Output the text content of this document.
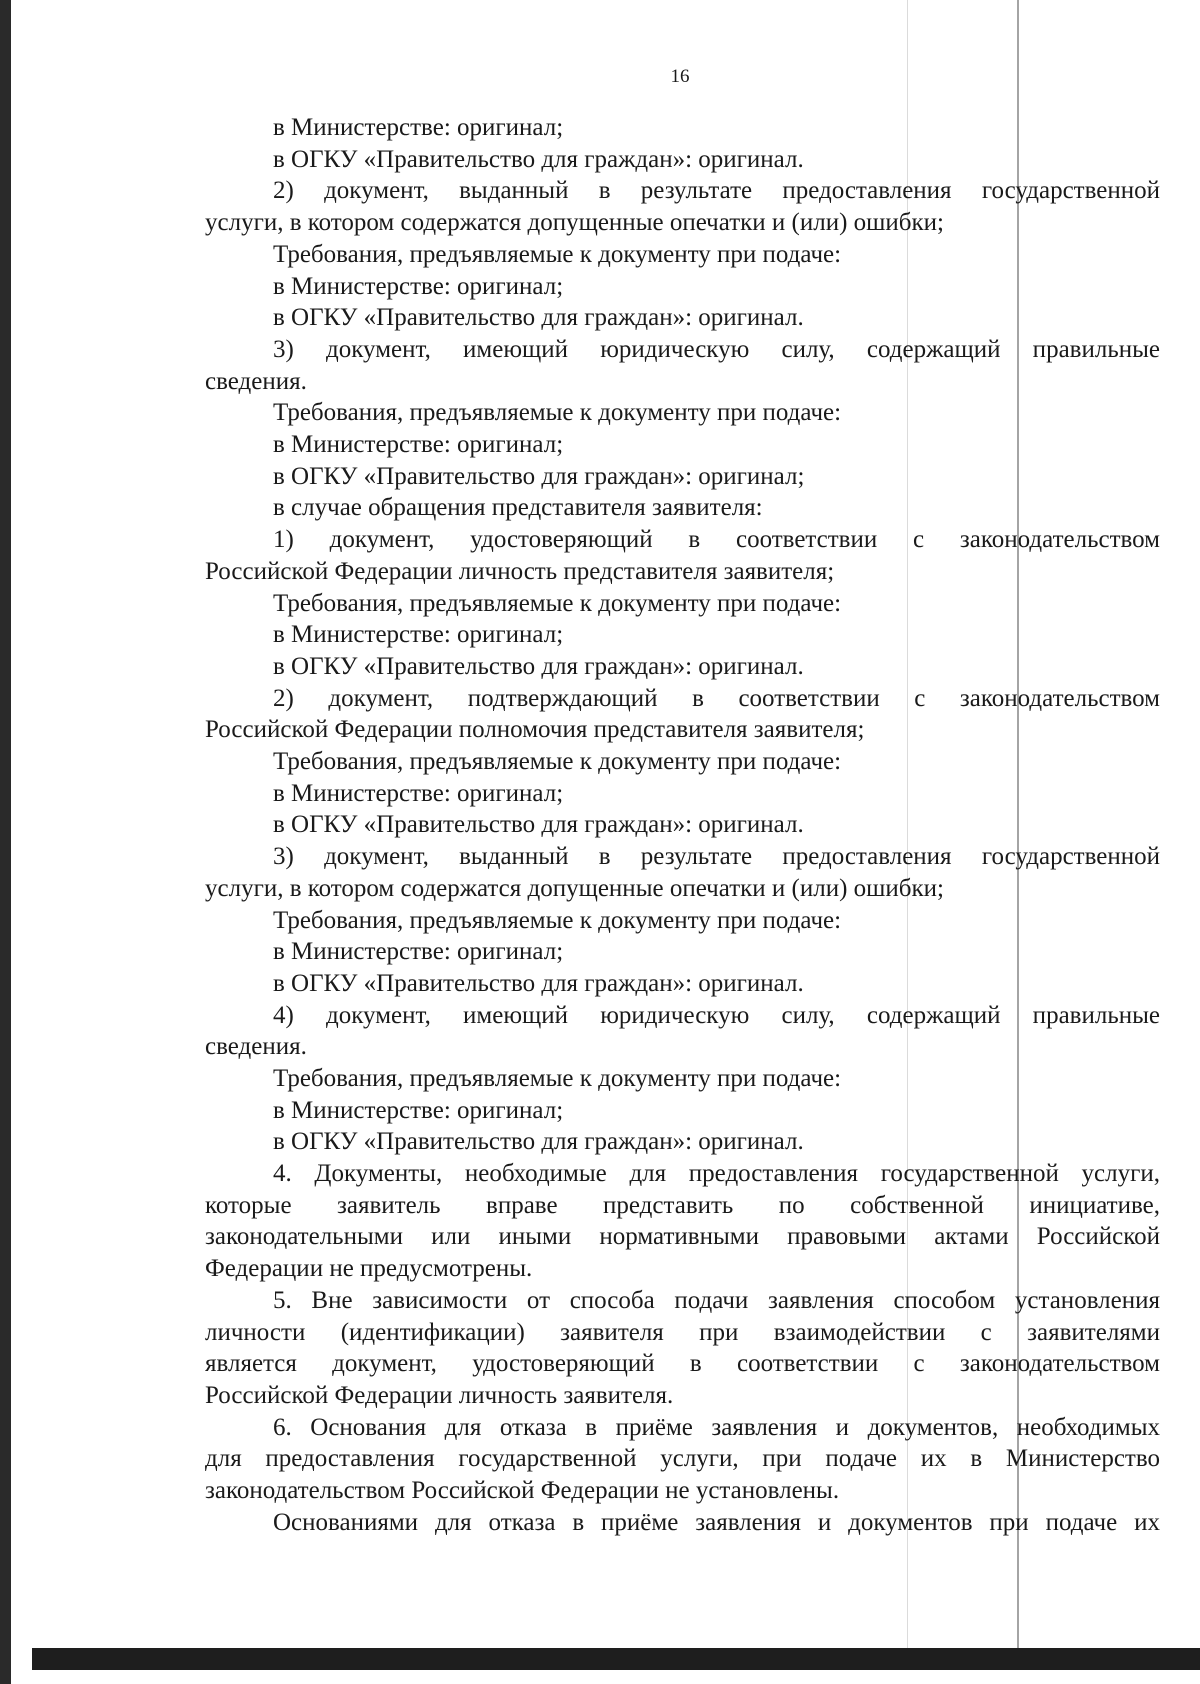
16

в Министерстве: оригинал;

в ОГКУ «Правительство для граждан»: оригинал.

2) документ, выданный в результате предоставления государственной

услуги, в котором содержатся допущенные опечатки и (или) ошибки;

Требования, предъявляемые к документу при подаче:

в Министерстве: оригинал;

в ОГКУ «Правительство для граждан»: оригинал.

3) документ, имеющий юридическую силу, содержащий правильные

сведения.

Требования, предъявляемые к документу при подаче:

в Министерстве: оригинал;

в ОГКУ «Правительство для граждан»: оригинал;

в случае обращения представителя заявителя:

1) документ, удостоверяющий в соответствии с законодательством

Российской Федерации личность представителя заявителя;

Требования, предъявляемые к документу при подаче:

в Министерстве: оригинал;

в ОГКУ «Правительство для граждан»: оригинал.

2) документ, подтверждающий в соответствии с законодательством

Российской Федерации полномочия представителя заявителя;

Требования, предъявляемые к документу при подаче:

в Министерстве: оригинал;

в ОГКУ «Правительство для граждан»: оригинал.

3) документ, выданный в результате предоставления государственной

услуги, в котором содержатся допущенные опечатки и (или) ошибки;

Требования, предъявляемые к документу при подаче:

в Министерстве: оригинал;

в ОГКУ «Правительство для граждан»: оригинал.

4) документ, имеющий юридическую силу, содержащий правильные

сведения.

Требования, предъявляемые к документу при подаче:

в Министерстве: оригинал;

в ОГКУ «Правительство для граждан»: оригинал.

4. Документы, необходимые для предоставления государственной услуги,

которые заявитель вправе представить по собственной инициативе,

законодательными или иными нормативными правовыми актами Российской

Федерации не предусмотрены.

5. Вне зависимости от способа подачи заявления способом установления

личности (идентификации) заявителя при взаимодействии с заявителями

является документ, удостоверяющий в соответствии с законодательством

Российской Федерации личность заявителя.

6. Основания для отказа в приёме заявления и документов, необходимых

для предоставления государственной услуги, при подаче их в Министерство

законодательством Российской Федерации не установлены.

Основаниями для отказа в приёме заявления и документов при подаче их
